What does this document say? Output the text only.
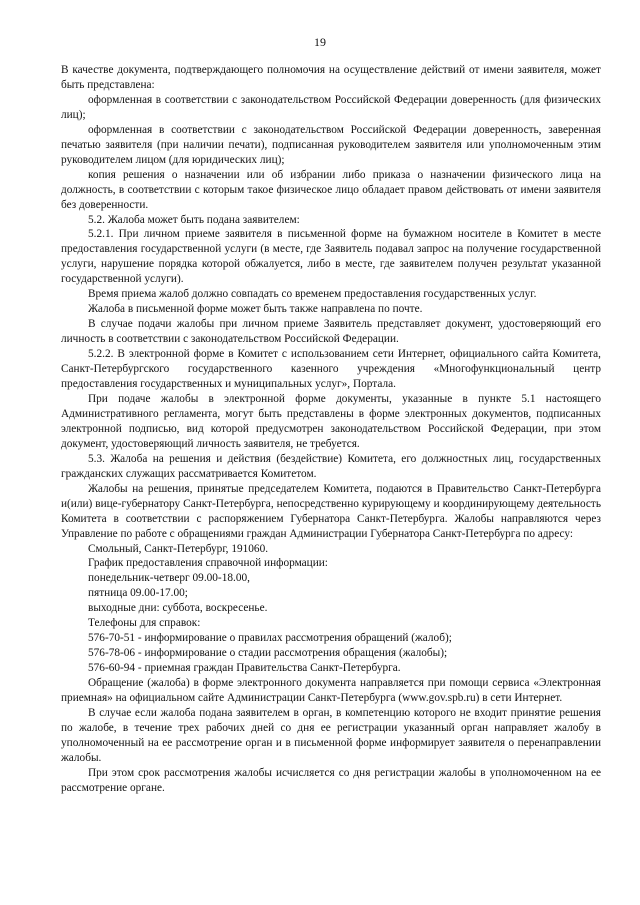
19

В качестве документа, подтверждающего полномочия на осуществление действий от имени заявителя, может быть представлена:

оформленная в соответствии с законодательством Российской Федерации доверенность (для физических лиц);

оформленная в соответствии с законодательством Российской Федерации доверенность, заверенная печатью заявителя (при наличии печати), подписанная руководителем заявителя или уполномоченным этим руководителем лицом (для юридических лиц);

копия решения о назначении или об избрании либо приказа о назначении физического лица на должность, в соответствии с которым такое физическое лицо обладает правом действовать от имени заявителя без доверенности.

5.2. Жалоба может быть подана заявителем:

5.2.1. При личном приеме заявителя в письменной форме на бумажном носителе в Комитет в месте предоставления государственной услуги (в месте, где Заявитель подавал запрос на получение государственной услуги, нарушение порядка которой обжалуется, либо в месте, где заявителем получен результат указанной государственной услуги).

Время приема жалоб должно совпадать со временем предоставления государственных услуг.

Жалоба в письменной форме может быть также направлена по почте.

В случае подачи жалобы при личном приеме Заявитель представляет документ, удостоверяющий его личность в соответствии с законодательством Российской Федерации.

5.2.2. В электронной форме в Комитет с использованием сети Интернет, официального сайта Комитета, Санкт-Петербургского государственного казенного учреждения «Многофункциональный центр предоставления государственных и муниципальных услуг», Портала.

При подаче жалобы в электронной форме документы, указанные в пункте 5.1 настоящего Административного регламента, могут быть представлены в форме электронных документов, подписанных электронной подписью, вид которой предусмотрен законодательством Российской Федерации, при этом документ, удостоверяющий личность заявителя, не требуется.

5.3. Жалоба на решения и действия (бездействие) Комитета, его должностных лиц, государственных гражданских служащих рассматривается Комитетом.

Жалобы на решения, принятые председателем Комитета, подаются в Правительство Санкт-Петербурга и(или) вице-губернатору Санкт-Петербурга, непосредственно курирующему и координирующему деятельность Комитета в соответствии с распоряжением Губернатора Санкт-Петербурга. Жалобы направляются через Управление по работе с обращениями граждан Администрации Губернатора Санкт-Петербурга по адресу:

Смольный, Санкт-Петербург, 191060.

График предоставления справочной информации:

понедельник-четверг 09.00-18.00,

пятница 09.00-17.00;

выходные дни: суббота, воскресенье.

Телефоны для справок:

576-70-51 - информирование о правилах рассмотрения обращений (жалоб);

576-78-06 - информирование о стадии рассмотрения обращения (жалобы);

576-60-94 - приемная граждан Правительства Санкт-Петербурга.

Обращение (жалоба) в форме электронного документа направляется при помощи сервиса «Электронная приемная» на официальном сайте Администрации Санкт-Петербурга (www.gov.spb.ru) в сети Интернет.

В случае если жалоба подана заявителем в орган, в компетенцию которого не входит принятие решения по жалобе, в течение трех рабочих дней со дня ее регистрации указанный орган направляет жалобу в уполномоченный на ее рассмотрение орган и в письменной форме информирует заявителя о перенаправлении жалобы.

При этом срок рассмотрения жалобы исчисляется со дня регистрации жалобы в уполномоченном на ее рассмотрение органе.
